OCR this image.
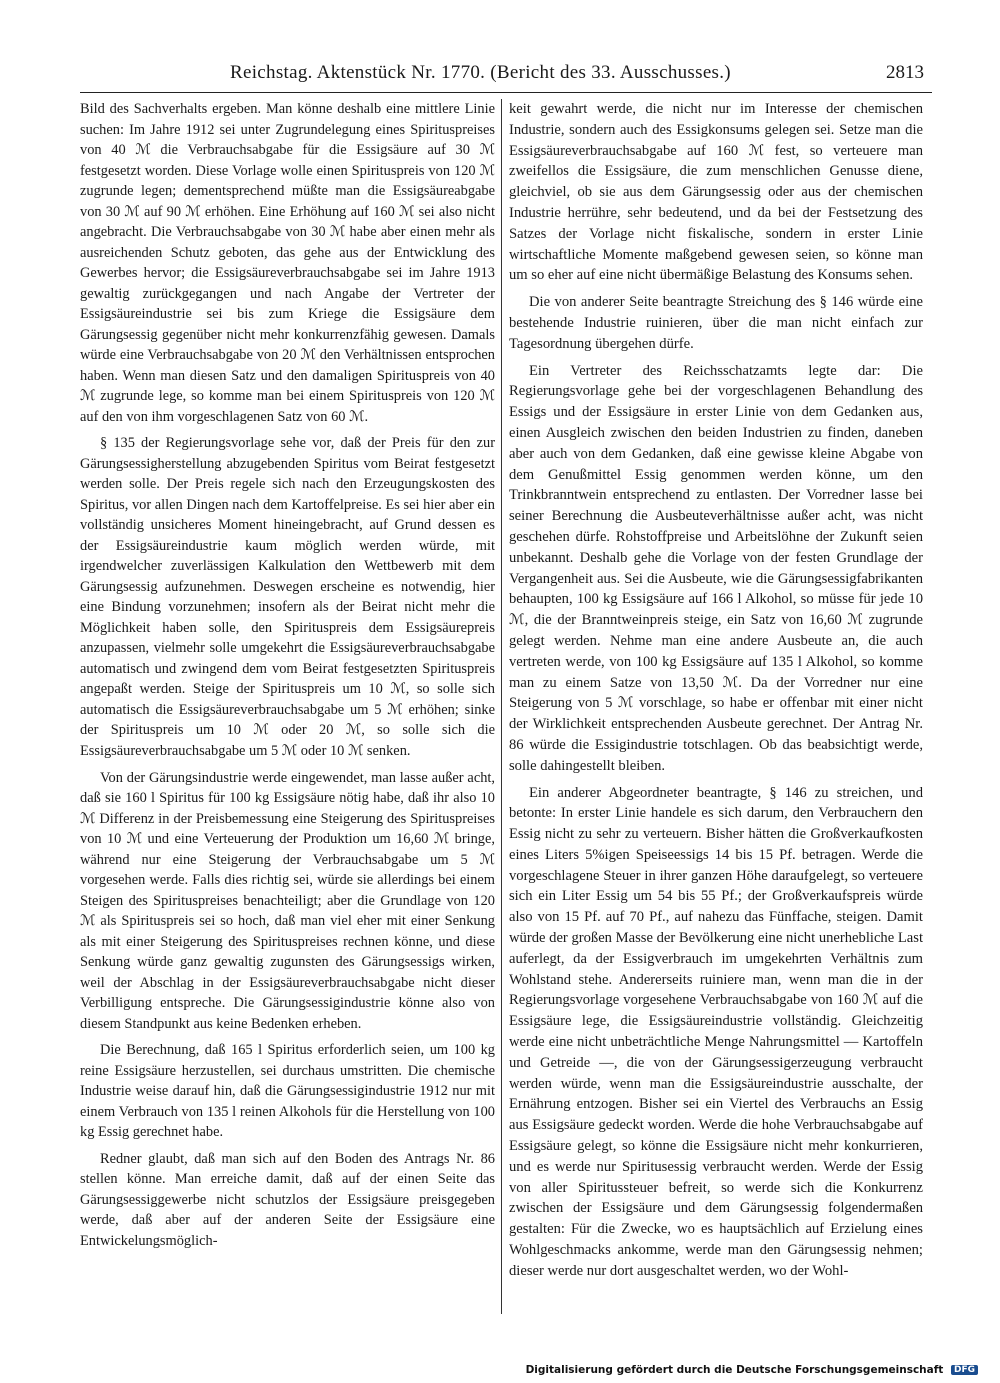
Reichstag. Aktenstück Nr. 1770. (Bericht des 33. Ausschusses.)	2813

Bild des Sachverhalts ergeben. Man könne deshalb eine mittlere Linie suchen: Im Jahre 1912 sei unter Zugrundelegung eines Spirituspreises von 40 ℳ die Verbrauchsabgabe für die Essigsäure auf 30 ℳ festgesetzt worden. Diese Vorlage wolle einen Spirituspreis von 120 ℳ zugrunde legen; dementsprechend müßte man die Essigsäureabgabe von 30 ℳ auf 90 ℳ erhöhen. Eine Erhöhung auf 160 ℳ sei also nicht angebracht. Die Verbrauchsabgabe von 30 ℳ habe aber einen mehr als ausreichenden Schutz geboten, das gehe aus der Entwicklung des Gewerbes hervor; die Essigsäureverbrauchsabgabe sei im Jahre 1913 gewaltig zurückgegangen und nach Angabe der Vertreter der Essigsäureindustrie sei bis zum Kriege die Essigsäure dem Gärungsessig gegenüber nicht mehr konkurrenzfähig gewesen. Damals würde eine Verbrauchsabgabe von 20 ℳ den Verhältnissen entsprochen haben. Wenn man diesen Satz und den damaligen Spirituspreis von 40 ℳ zugrunde lege, so komme man bei einem Spirituspreis von 120 ℳ auf den von ihm vorgeschlagenen Satz von 60 ℳ.

§ 135 der Regierungsvorlage sehe vor, daß der Preis für den zur Gärungsessigherstellung abzugebenden Spiritus vom Beirat festgesetzt werden solle. Der Preis regele sich nach den Erzeugungskosten des Spiritus, vor allen Dingen nach dem Kartoffelpreise. Es sei hier aber ein vollständig unsicheres Moment hineingebracht, auf Grund dessen es der Essigsäureindustrie kaum möglich werden würde, mit irgendwelcher zuverlässigen Kalkulation den Wettbewerb mit dem Gärungsessig aufzunehmen. Deswegen erscheine es notwendig, hier eine Bindung vorzunehmen; insofern als der Beirat nicht mehr die Möglichkeit haben solle, den Spirituspreis dem Essigsäurepreis anzupassen, vielmehr solle umgekehrt die Essigsäureverbrauchsabgabe automatisch und zwingend dem vom Beirat festgesetzten Spirituspreis angepaßt werden. Steige der Spirituspreis um 10 ℳ, so solle sich automatisch die Essigsäureverbrauchsabgabe um 5 ℳ erhöhen; sinke der Spirituspreis um 10 ℳ oder 20 ℳ, so solle sich die Essigsäureverbrauchsabgabe um 5 ℳ oder 10 ℳ senken.

Von der Gärungsindustrie werde eingewendet, man lasse außer acht, daß sie 160 l Spiritus für 100 kg Essigsäure nötig habe, daß ihr also 10 ℳ Differenz in der Preisbemessung eine Steigerung des Spirituspreises von 10 ℳ und eine Verteuerung der Produktion um 16,60 ℳ bringe, während nur eine Steigerung der Verbrauchsabgabe um 5 ℳ vorgesehen werde. Falls dies richtig sei, würde sie allerdings bei einem Steigen des Spirituspreises benachteiligt; aber die Grundlage von 120 ℳ als Spirituspreis sei so hoch, daß man viel eher mit einer Senkung als mit einer Steigerung des Spirituspreises rechnen könne, und diese Senkung würde ganz gewaltig zugunsten des Gärungsessigs wirken, weil der Abschlag in der Essigsäureverbrauchsabgabe nicht dieser Verbilligung entspreche. Die Gärungsessigindustrie könne also von diesem Standpunkt aus keine Bedenken erheben.

Die Berechnung, daß 165 l Spiritus erforderlich seien, um 100 kg reine Essigsäure herzustellen, sei durchaus umstritten. Die chemische Industrie weise darauf hin, daß die Gärungsessigindustrie 1912 nur mit einem Verbrauch von 135 l reinen Alkohols für die Herstellung von 100 kg Essig gerechnet habe.

Redner glaubt, daß man sich auf den Boden des Antrags Nr. 86 stellen könne. Man erreiche damit, daß auf der einen Seite das Gärungsessiggewerbe nicht schutzlos der Essigsäure preisgegeben werde, daß aber auf der anderen Seite der Essigsäure eine Entwickelungsmöglich-

keit gewahrt werde, die nicht nur im Interesse der chemischen Industrie, sondern auch des Essigkonsums gelegen sei. Setze man die Essigsäureverbrauchsabgabe auf 160 ℳ fest, so verteuere man zweifellos die Essigsäure, die zum menschlichen Genusse diene, gleichviel, ob sie aus dem Gärungsessig oder aus der chemischen Industrie herrühre, sehr bedeutend, und da bei der Festsetzung des Satzes der Vorlage nicht fiskalische, sondern in erster Linie wirtschaftliche Momente maßgebend gewesen seien, so könne man um so eher auf eine nicht übermäßige Belastung des Konsums sehen.

Die von anderer Seite beantragte Streichung des § 146 würde eine bestehende Industrie ruinieren, über die man nicht einfach zur Tagesordnung übergehen dürfe.

Ein Vertreter des Reichsschatzamts legte dar: Die Regierungsvorlage gehe bei der vorgeschlagenen Behandlung des Essigs und der Essigsäure in erster Linie von dem Gedanken aus, einen Ausgleich zwischen den beiden Industrien zu finden, daneben aber auch von dem Gedanken, daß eine gewisse kleine Abgabe von dem Genußmittel Essig genommen werden könne, um den Trinkbranntwein entsprechend zu entlasten. Der Vorredner lasse bei seiner Berechnung die Ausbeuteverhältnisse außer acht, was nicht geschehen dürfe. Rohstoffpreise und Arbeitslöhne der Zukunft seien unbekannt. Deshalb gehe die Vorlage von der festen Grundlage der Vergangenheit aus. Sei die Ausbeute, wie die Gärungsessigfabrikanten behaupten, 100 kg Essigsäure auf 166 l Alkohol, so müsse für jede 10 ℳ, die der Branntweinpreis steige, ein Satz von 16,60 ℳ zugrunde gelegt werden. Nehme man eine andere Ausbeute an, die auch vertreten werde, von 100 kg Essigsäure auf 135 l Alkohol, so komme man zu einem Satze von 13,50 ℳ. Da der Vorredner nur eine Steigerung von 5 ℳ vorschlage, so habe er offenbar mit einer nicht der Wirklichkeit entsprechenden Ausbeute gerechnet. Der Antrag Nr. 86 würde die Essigindustrie totschlagen. Ob das beabsichtigt werde, solle dahingestellt bleiben.

Ein anderer Abgeordneter beantragte, § 146 zu streichen, und betonte: In erster Linie handele es sich darum, den Verbrauchern den Essig nicht zu sehr zu verteuern. Bisher hätten die Großverkaufkosten eines Liters 5%igen Speiseessigs 14 bis 15 Pf. betragen. Werde die vorgeschlagene Steuer in ihrer ganzen Höhe daraufgelegt, so verteuere sich ein Liter Essig um 54 bis 55 Pf.; der Großverkaufspreis würde also von 15 Pf. auf 70 Pf., auf nahezu das Fünffache, steigen. Damit würde der großen Masse der Bevölkerung eine nicht unerhebliche Last auferlegt, da der Essigverbrauch im umgekehrten Verhältnis zum Wohlstand stehe. Andererseits ruiniere man, wenn man die in der Regierungsvorlage vorgesehene Verbrauchsabgabe von 160 ℳ auf die Essigsäure lege, die Essigsäureindustrie vollständig. Gleichzeitig werde eine nicht unbeträchtliche Menge Nahrungsmittel — Kartoffeln und Getreide —, die von der Gärungsessigerzeugung verbraucht werden würde, wenn man die Essigsäureindustrie ausschalte, der Ernährung entzogen. Bisher sei ein Viertel des Verbrauchs an Essig aus Essigsäure gedeckt worden. Werde die hohe Verbrauchsabgabe auf Essigsäure gelegt, so könne die Essigsäure nicht mehr konkurrieren, und es werde nur Spiritusessig verbraucht werden. Werde der Essig von aller Spiritussteuer befreit, so werde sich die Konkurrenz zwischen der Essigsäure und dem Gärungsessig folgendermaßen gestalten: Für die Zwecke, wo es hauptsächlich auf Erzielung eines Wohlgeschmacks ankomme, werde man den Gärungsessig nehmen; dieser werde nur dort ausgeschaltet werden, wo der Wohl-

Digitalisierung gefördert durch die Deutsche Forschungsgemeinschaft DFG
